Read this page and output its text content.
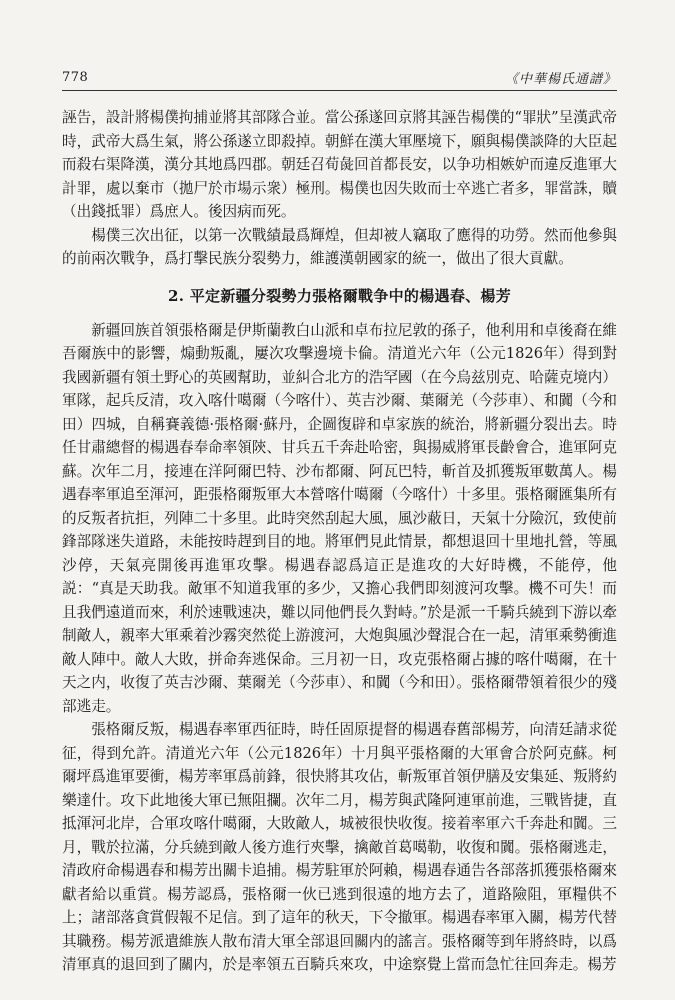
778	《中華楊氏通譜》

誣告，設計將楊僕拘捕並將其部隊合並。當公孫遂回京將其誣告楊僕的“罪狀”呈漢武帝時，武帝大爲生氣，將公孫遂立即殺掉。朝鮮在漢大軍壓境下，願與楊僕談降的大臣起而殺右渠降漢，漢分其地爲四郡。朝廷召荀彘回首都長安，以争功相嫉妒而違反進軍大計罪，處以棄市（拋尸於市場示衆）極刑。楊僕也因失敗而士卒逃亡者多，罪當誅，贖（出錢抵罪）爲庶人。後因病而死。

楊僕三次出征，以第一次戰績最爲輝煌，但却被人竊取了應得的功勞。然而他參與的前兩次戰争，爲打擊民族分裂勢力，維護漢朝國家的統一，做出了很大貢獻。

2. 平定新疆分裂勢力張格爾戰争中的楊遇春、楊芳

新疆回族首領張格爾是伊斯蘭教白山派和卓布拉尼敦的孫子，他利用和卓後裔在維吾爾族中的影響，煽動叛亂，屢次攻擊邊境卡倫。清道光六年（公元1826年）得到對我國新疆有領土野心的英國幫助，並糾合北方的浩罕國（在今烏兹別克、哈薩克境内）軍隊，起兵反清，攻入喀什噶爾（今喀什）、英吉沙爾、葉爾羌（今莎車）、和闐（今和田）四城，自稱賽義德·張格爾·蘇丹，企圖復辟和卓家族的統治，將新疆分裂出去。時任甘肅總督的楊遇春奉命率領陝、甘兵五千奔赴哈密，與揚威將軍長齡會合，進軍阿克蘇。次年二月，接連在洋阿爾巴特、沙布都爾、阿瓦巴特，斬首及抓獲叛軍數萬人。楊遇春率軍追至渾河，距張格爾叛軍大本營喀什噶爾（今喀什）十多里。張格爾匯集所有的反叛者抗拒，列陣二十多里。此時突然刮起大風，風沙蔽日，天氣十分險沉，致使前鋒部隊迷失道路，未能按時趕到目的地。將軍們見此情景，都想退回十里地扎營，等風沙停，天氣亮開後再進軍攻擊。楊遇春認爲這正是進攻的大好時機，不能停，他説：“真是天助我。敵軍不知道我軍的多少，又擔心我們即刻渡河攻擊。機不可失！而且我們遠道而來，利於速戰速决，難以同他們長久對峙。”於是派一千騎兵繞到下游以牽制敵人，親率大軍乘着沙霧突然從上游渡河，大炮與風沙聲混合在一起，清軍乘勢衝進敵人陣中。敵人大敗，拼命奔逃保命。三月初一日，攻克張格爾占據的喀什噶爾，在十天之内，收復了英吉沙爾、葉爾羌（今莎車）、和闐（今和田）。張格爾帶領着很少的殘部逃走。

張格爾反叛，楊遇春率軍西征時，時任固原提督的楊遇春舊部楊芳，向清廷請求從征，得到允許。清道光六年（公元1826年）十月與平張格爾的大軍會合於阿克蘇。柯爾坪爲進軍要衝，楊芳率軍爲前鋒，很快將其攻佔，斬叛軍首領伊膳及安集延、叛將約樂達什。攻下此地後大軍已無阻攔。次年二月，楊芳與武隆阿連軍前進，三戰皆捷，直抵渾河北岸，合軍攻喀什噶爾，大敗敵人，城被很快收復。接着率軍六千奔赴和闐。三月，戰於拉滿，分兵繞到敵人後方進行夾擊，擒敵首葛噶勒，收復和闐。張格爾逃走，清政府命楊遇春和楊芳出關卡追捕。楊芳駐軍於阿賴，楊遇春通告各部落抓獲張格爾來獻者給以重賞。楊芳認爲，張格爾一伙已逃到很遠的地方去了，道路險阻，軍糧供不上；諸部落貪賞假報不足信。到了這年的秋天，下令撤軍。楊遇春率軍入關，楊芳代替其職務。楊芳派遣維族人散布清大軍全部退回關内的謠言。張格爾等到年將終時，以爲清軍真的退回到了關内，於是率領五百騎兵來攻，中途察覺上當而急忙往回奔走。楊芳
